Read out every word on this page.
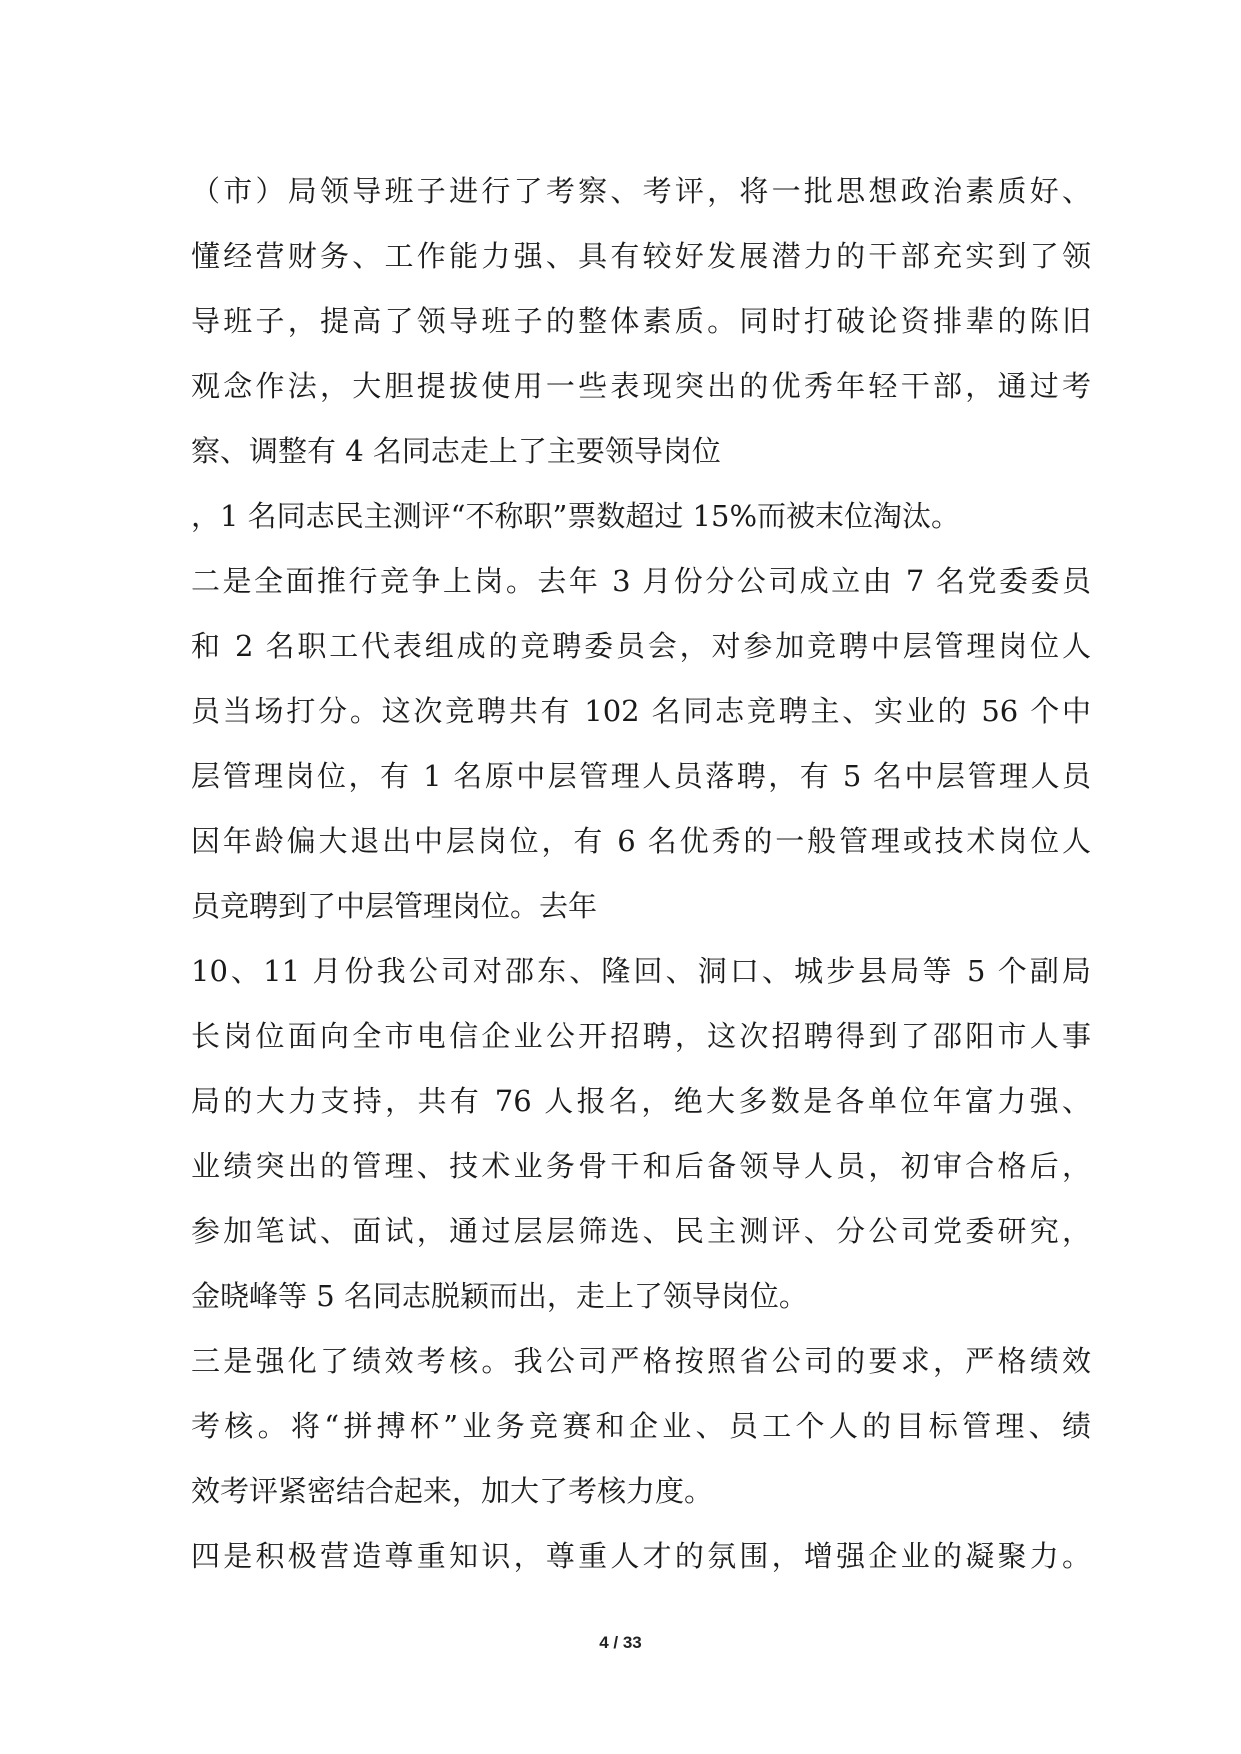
（市）局领导班子进行了考察、考评，将一批思想政治素质好、
懂经营财务、工作能力强、具有较好发展潜力的干部充实到了领
导班子，提高了领导班子的整体素质。同时打破论资排辈的陈旧
观念作法，大胆提拔使用一些表现突出的优秀年轻干部，通过考
察、调整有 4 名同志走上了主要领导岗位
，1 名同志民主测评“不称职”票数超过 15%而被末位淘汰。
二是全面推行竞争上岗。去年 3 月份分公司成立由 7 名党委委员
和 2 名职工代表组成的竞聘委员会，对参加竞聘中层管理岗位人
员当场打分。这次竞聘共有 102 名同志竞聘主、实业的 56 个中
层管理岗位，有 1 名原中层管理人员落聘，有 5 名中层管理人员
因年龄偏大退出中层岗位，有 6 名优秀的一般管理或技术岗位人
员竞聘到了中层管理岗位。去年
10、11 月份我公司对邵东、隆回、洞口、城步县局等 5 个副局
长岗位面向全市电信企业公开招聘，这次招聘得到了邵阳市人事
局的大力支持，共有 76 人报名，绝大多数是各单位年富力强、
业绩突出的管理、技术业务骨干和后备领导人员，初审合格后，
参加笔试、面试，通过层层筛选、民主测评、分公司党委研究，
金晓峰等 5 名同志脱颖而出，走上了领导岗位。
三是强化了绩效考核。我公司严格按照省公司的要求，严格绩效
考核。将“拼搏杯”业务竞赛和企业、员工个人的目标管理、绩
效考评紧密结合起来，加大了考核力度。
四是积极营造尊重知识，尊重人才的氛围，增强企业的凝聚力。
4 / 33
